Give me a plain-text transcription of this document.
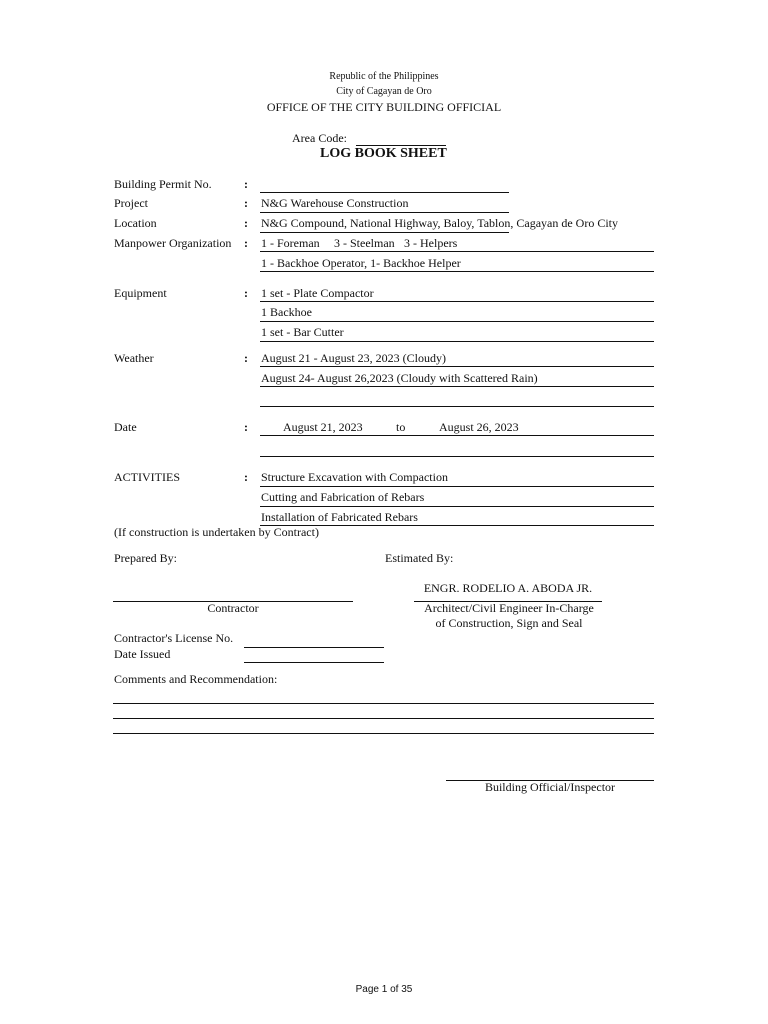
Republic of the Philippines
City of Cagayan de Oro
OFFICE OF THE CITY BUILDING OFFICIAL
Area Code:
LOG BOOK SHEET
Building Permit No.	:
Project	: N&G Warehouse Construction
Location	: N&G Compound, National Highway, Baloy, Tablon, Cagayan de Oro City
Manpower Organization : 1 - Foreman 3 - Steelman 3 - Helpers
1 - Backhoe Operator, 1- Backhoe Helper
Equipment	: 1 set - Plate Compactor
1 Backhoe
1 set - Bar Cutter
Weather	: August 21 - August 23, 2023 (Cloudy)
August 24- August 26,2023 (Cloudy with Scattered Rain)
Date	:	August 21, 2023	to	August 26, 2023
ACTIVITIES	: Structure Excavation with Compaction
Cutting and Fabrication of Rebars
Installation of Fabricated Rebars
(If construction is undertaken by Contract)
Prepared By:	Estimated By:
ENGR. RODELIO A. ABODA JR.
Contractor	Architect/Civil Engineer In-Charge
of Construction, Sign and Seal
Contractor's License No.
Date Issued
Comments and Recommendation:
Building Official/Inspector
Page 1 of 35
